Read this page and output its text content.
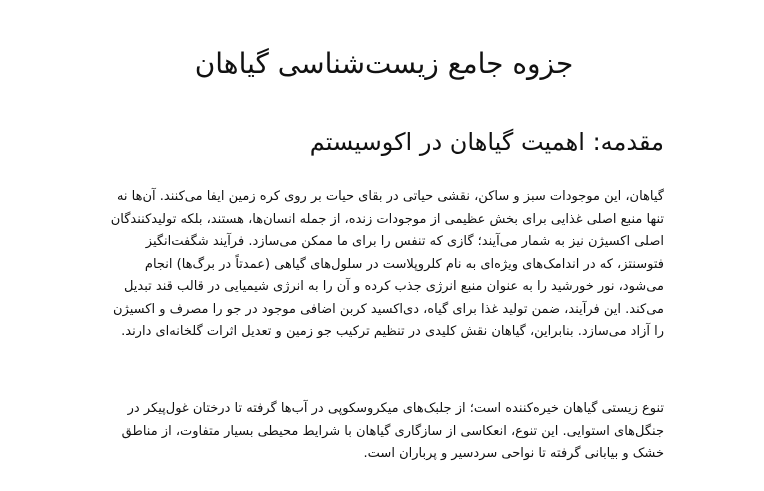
جزوه جامع زیست‌شناسی گیاهان
مقدمه: اهمیت گیاهان در اکوسیستم

گیاهان، این موجودات سبز و ساکن، نقشی حیاتی در بقای حیات بر روی کره زمین ایفا می‌کنند. آن‌ها نه تنها منبع اصلی غذایی برای بخش عظیمی از موجودات زنده، از جمله انسان‌ها، هستند، بلکه تولیدکنندگان اصلی اکسیژن نیز به شمار می‌آیند؛ گازی که تنفس را برای ما ممکن می‌سازد. فرآیند شگفت‌انگیز فتوسنتز، که در اندامک‌های ویژه‌ای به نام کلروپلاست در سلول‌های گیاهی (عمدتاً در برگ‌ها) انجام می‌شود، نور خورشید را به عنوان منبع انرژی جذب کرده و آن را به انرژی شیمیایی در قالب قند تبدیل می‌کند. این فرآیند، ضمن تولید غذا برای گیاه، دی‌اکسید کربن اضافی موجود در جو را مصرف و اکسیژن را آزاد می‌سازد. بنابراین، گیاهان نقش کلیدی در تنظیم ترکیب جو زمین و تعدیل اثرات گلخانه‌ای دارند.

تنوع زیستی گیاهان خیره‌کننده است؛ از جلبک‌های میکروسکوپی در آب‌ها گرفته تا درختان غول‌پیکر در جنگل‌های استوایی. این تنوع، انعکاسی از سازگاری گیاهان با شرایط محیطی بسیار متفاوت، از مناطق خشک و بیابانی گرفته تا نواحی سردسیر و پرباران است.
